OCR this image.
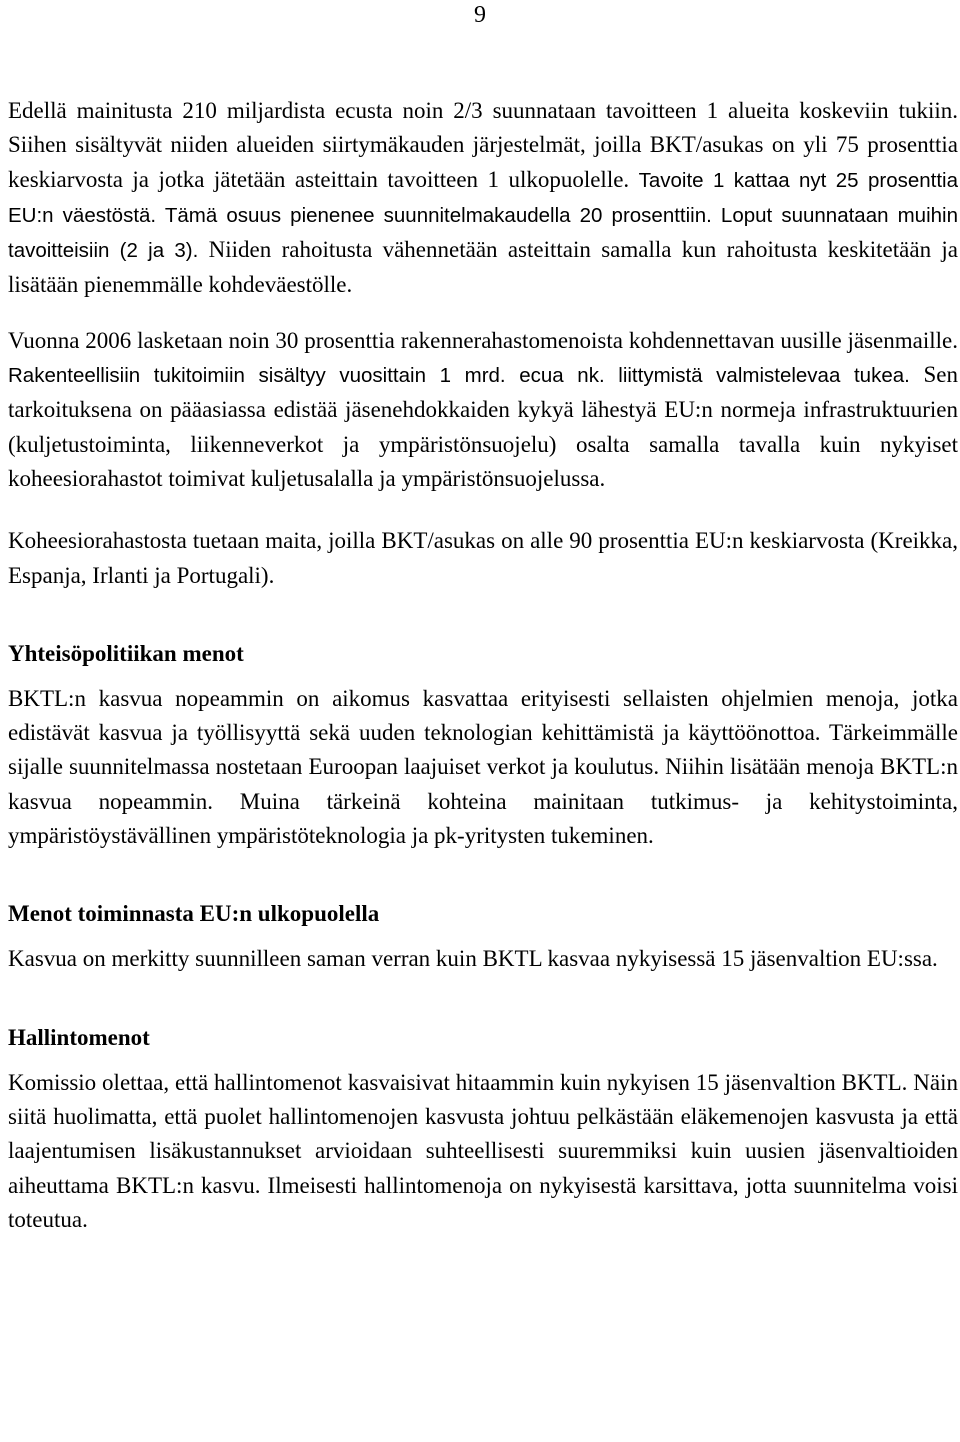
9

Edellä mainitusta 210 miljardista ecusta noin 2/3 suunnataan tavoitteen 1 alueita koskeviin tukiin. Siihen sisältyvät niiden alueiden siirtymäkauden järjestelmät, joilla BKT/asukas on yli 75 prosenttia keskiarvosta ja jotka jätetään asteittain tavoitteen 1 ulkopuolelle. Tavoite 1 kattaa nyt 25 prosenttia EU:n väestöstä. Tämä osuus pienenee suunnitelmakaudella 20 prosenttiin. Loput suunnataan muihin tavoitteisiin (2 ja 3). Niiden rahoitusta vähennetään asteittain samalla kun rahoitusta keskitetään ja lisätään pienemmälle kohdeväestölle.

Vuonna 2006 lasketaan noin 30 prosenttia rakennerahastomenoista kohdennettavan uusille jäsenmaille. Rakenteellisiin tukitoimiin sisältyy vuosittain 1 mrd. ecua nk. liittymistä valmistelevaa tukea. Sen tarkoituksena on pääasiassa edistää jäsenehdokkaiden kykyä lähestyä EU:n normeja infrastruktuurien (kuljetustoiminta, liikenneverkot ja ympäristönsuojelu) osalta samalla tavalla kuin nykyiset koheesiorahastot toimivat kuljetusalalla ja ympäristönsuojelussa.

Koheesiorahastosta tuetaan maita, joilla BKT/asukas on alle 90 prosenttia EU:n keskiarvosta (Kreikka, Espanja, Irlanti ja Portugali).

Yhteisöpolitiikan menot

BKTL:n kasvua nopeammin on aikomus kasvattaa erityisesti sellaisten ohjelmien menoja, jotka edistävät kasvua ja työllisyyttä sekä uuden teknologian kehittämistä ja käyttöönottoa. Tärkeimmälle sijalle suunnitelmassa nostetaan Euroopan laajuiset verkot ja koulutus. Niihin lisätään menoja BKTL:n kasvua nopeammin. Muina tärkeinä kohteina mainitaan tutkimus- ja kehitystoiminta, ympäristöystävällinen ympäristöteknologia ja pk-yritysten tukeminen.

Menot toiminnasta EU:n ulkopuolella

Kasvua on merkitty suunnilleen saman verran kuin BKTL kasvaa nykyisessä 15 jäsenvaltion EU:ssa.

Hallintomenot

Komissio olettaa, että hallintomenot kasvaisivat hitaammin kuin nykyisen 15 jäsenvaltion BKTL. Näin siitä huolimatta, että puolet hallintomenojen kasvusta johtuu pelkästään eläkemenojen kasvusta ja että laajentumisen lisäkustannukset arvioidaan suhteellisesti suuremmiksi kuin uusien jäsenvaltioiden aiheuttama BKTL:n kasvu. Ilmeisesti hallintomenoja on nykyisestä karsittava, jotta suunnitelma voisi toteutua.
